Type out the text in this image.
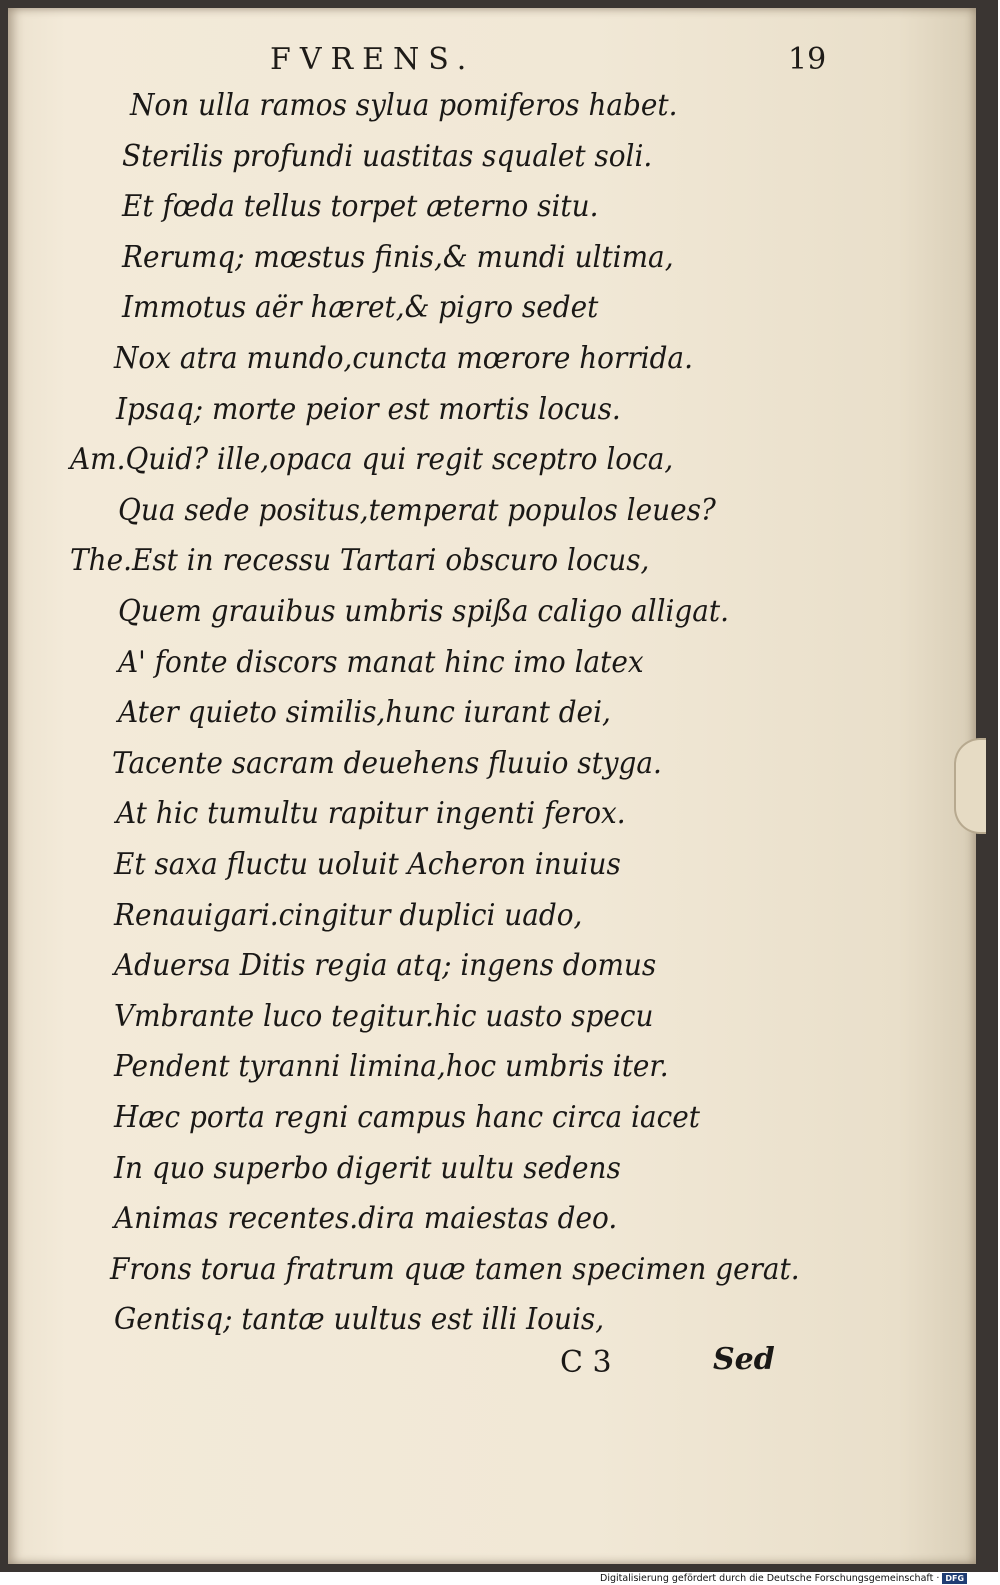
FVRENS.	19
Non ulla ramos sylua pomiferos habet.
Sterilis profundi uastitas squalet soli.
Et fœda tellus torpet æterno situ.
Rerumq; mœstus finis,& mundi ultima,
Immotus aër hæret,& pigro sedet
Nox atra mundo,cuncta mœrore horrida.
Ipsaq; morte peior est mortis locus.
Am.Quid? ille,opaca qui regit sceptro loca,
Qua sede positus,temperat populos leues?
The.Est in recessu Tartari obscuro locus,
Quem grauibus umbris spißa caligo alligat.
A' fonte discors manat hinc imo latex
Ater quieto similis,hunc iurant dei,
Tacente sacram deuehens fluuio styga.
At hic tumultu rapitur ingenti ferox.
Et saxa fluctu uoluit Acheron inuius
Renauigari.cingitur duplici uado,
Aduersa Ditis regia atq; ingens domus
Vmbrante luco tegitur.hic uasto specu
Pendent tyranni limina,hoc umbris iter.
Hæc porta regni campus hanc circa iacet
In quo superbo digerit uultu sedens
Animas recentes.dira maiestas deo.
Frons torua fratrum quæ tamen specimen gerat.
Gentisq; tantæ uultus est illi Iouis,
C 3	Sed
Digitalisierung gefördert durch die Deutsche Forschungsgemeinschaft · DFG
